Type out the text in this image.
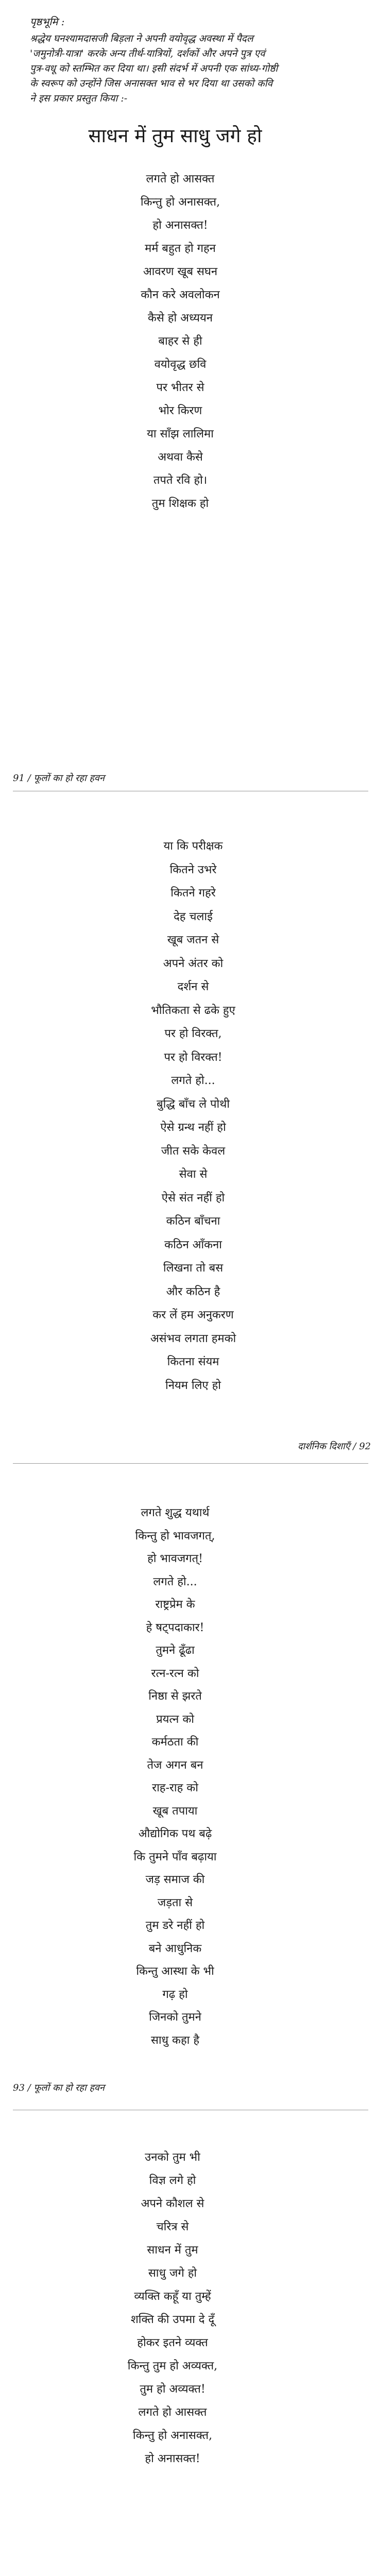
पृष्ठभूमि :

श्रद्धेय घनश्यामदासजी बिड़ला ने अपनी वयोवृद्ध अवस्था में पैदल
'जमुनोत्री-यात्रा' करके अन्य तीर्थ-यात्रियों, दर्शकों और अपने पुत्र एवं
पुत्र-वधू को स्तम्भित कर दिया था। इसी संदर्भ में अपनी एक सांध्य-गोष्ठी
के स्वरूप को उन्होंने जिस अनासक्त भाव से भर दिया था उसको कवि
ने इस प्रकार प्रस्तुत किया :-

साधन में तुम साधु जगे हो
लगते हो आसक्त
किन्तु हो अनासक्त,
हो अनासक्त!
मर्म बहुत हो गहन
आवरण खूब सघन
कौन करे अवलोकन
कैसे हो अध्ययन
बाहर से ही
वयोवृद्ध छवि
पर भीतर से
भोर किरण
या साँझ लालिमा
अथवा कैसे
तपते रवि हो।
तुम शिक्षक हो
91 / फूलों का हो रहा हवन
या कि परीक्षक
कितने उभरे
कितने गहरे
देह चलाई
खूब जतन से
अपने अंतर को
दर्शन से
भौतिकता से ढके हुए
पर हो विरक्त,
पर हो विरक्त!
लगते हो...
बुद्धि बाँच ले पोथी
ऐसे ग्रन्थ नहीं हो
जीत सके केवल
सेवा से
ऐसे संत नहीं हो
कठिन बाँचना
कठिन आँकना
लिखना तो बस
और कठिन है
कर लें हम अनुकरण
असंभव लगता हमको
कितना संयम
नियम लिए हो
दार्शनिक दिशाएँ / 92
लगते शुद्ध यथार्थ
किन्तु हो भावजगत्,
हो भावजगत्!
लगते हो...
राष्ट्रप्रेम के
हे षट्पदाकार!
तुमने ढूँढा
रत्न-रत्न को
निष्ठा से झरते
प्रयत्न को
कर्मठता की
तेज अगन बन
राह-राह को
खूब तपाया
औद्योगिक पथ बढ़े
कि तुमने पाँव बढ़ाया
जड़ समाज की
जड़ता से
तुम डरे नहीं हो
बने आधुनिक
किन्तु आस्था के भी
गढ़ हो
जिनको तुमने
साधु कहा है
93 / फूलों का हो रहा हवन
उनको तुम भी
विज्ञ लगे हो
अपने कौशल से
चरित्र से
साधन में तुम
साधु जगे हो
व्यक्ति कहूँ या तुम्हें
शक्ति की उपमा दे दूँ
होकर इतने व्यक्त
किन्तु तुम हो अव्यक्त,
तुम हो अव्यक्त!
लगते हो आसक्त
किन्तु हो अनासक्त,
हो अनासक्त!
